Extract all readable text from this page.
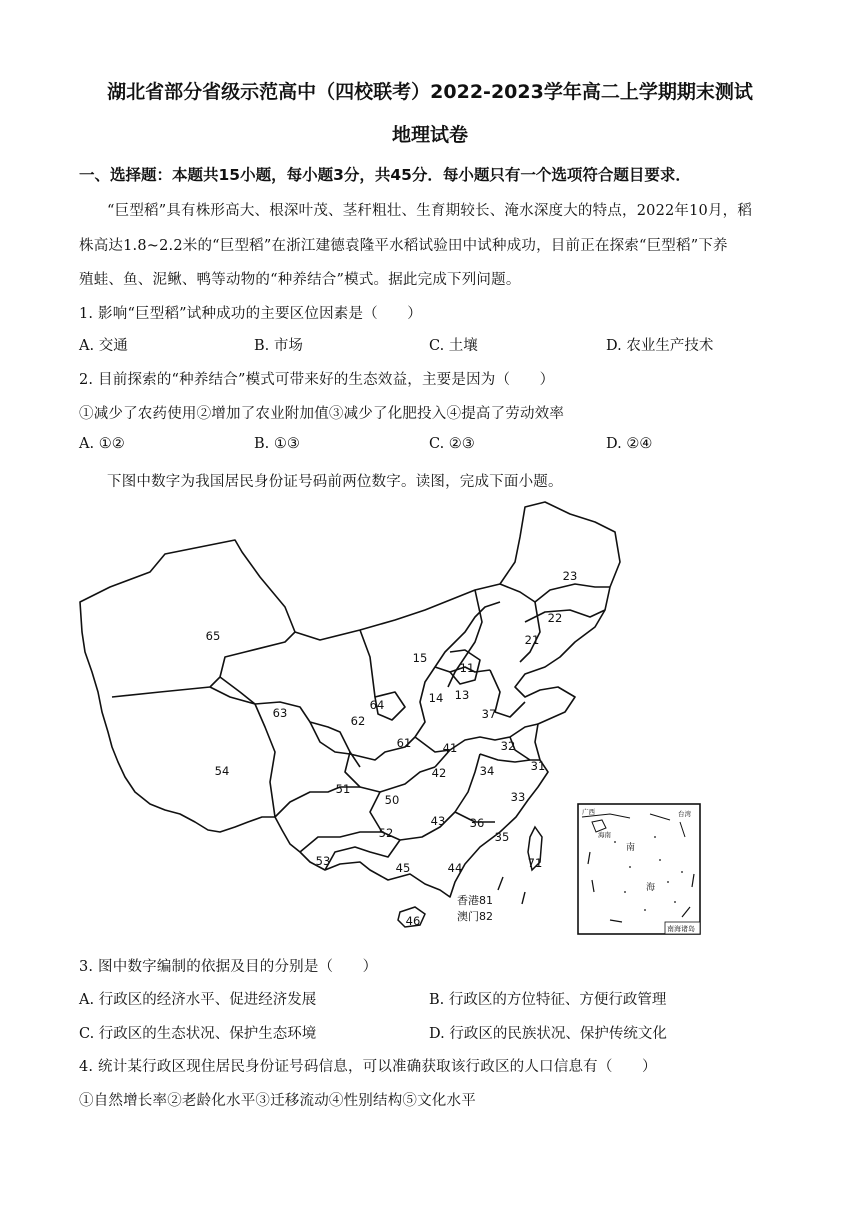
湖北省部分省级示范高中（四校联考）2022-2023学年高二上学期期末测试
地理试卷
一、选择题：本题共15小题，每小题3分，共45分．每小题只有一个选项符合题目要求．
“巨型稻”具有株形高大、根深叶茂、茎秆粗壮、生育期较长、淹水深度大的特点，2022年10月，稻
株高达1.8~2.2米的“巨型稻”在浙江建德袁隆平水稻试验田中试种成功，目前正在探索“巨型稻”下养
殖蛙、鱼、泥鳅、鸭等动物的“种养结合”模式。据此完成下列问题。
1. 影响“巨型稻”试种成功的主要区位因素是（　　）
A. 交通	B. 市场	C. 土壤	D. 农业生产技术
2. 目前探索的“种养结合”模式可带来好的生态效益，主要是因为（　　）
①减少了农药使用②增加了农业附加值③减少了化肥投入④提高了劳动效率
A. ①②	B. ①③	C. ②③	D. ②④
下图中数字为我国居民身份证号码前两位数字。读图，完成下面小题。
65
15
23
22
21
11
13
14
63
62
64
37
61	41	32
31
54
51
42	34
33
50
43 36
35
52
53	45	44	71
46
香港81
澳门82
广西
海南
台湾
南
海
南海诸岛
3. 图中数字编制的依据及目的分别是（　　）
A. 行政区的经济水平、促进经济发展	B. 行政区的方位特征、方便行政管理
C. 行政区的生态状况、保护生态环境	D. 行政区的民族状况、保护传统文化
4. 统计某行政区现住居民身份证号码信息，可以准确获取该行政区的人口信息有（　　）
①自然增长率②老龄化水平③迁移流动④性别结构⑤文化水平
